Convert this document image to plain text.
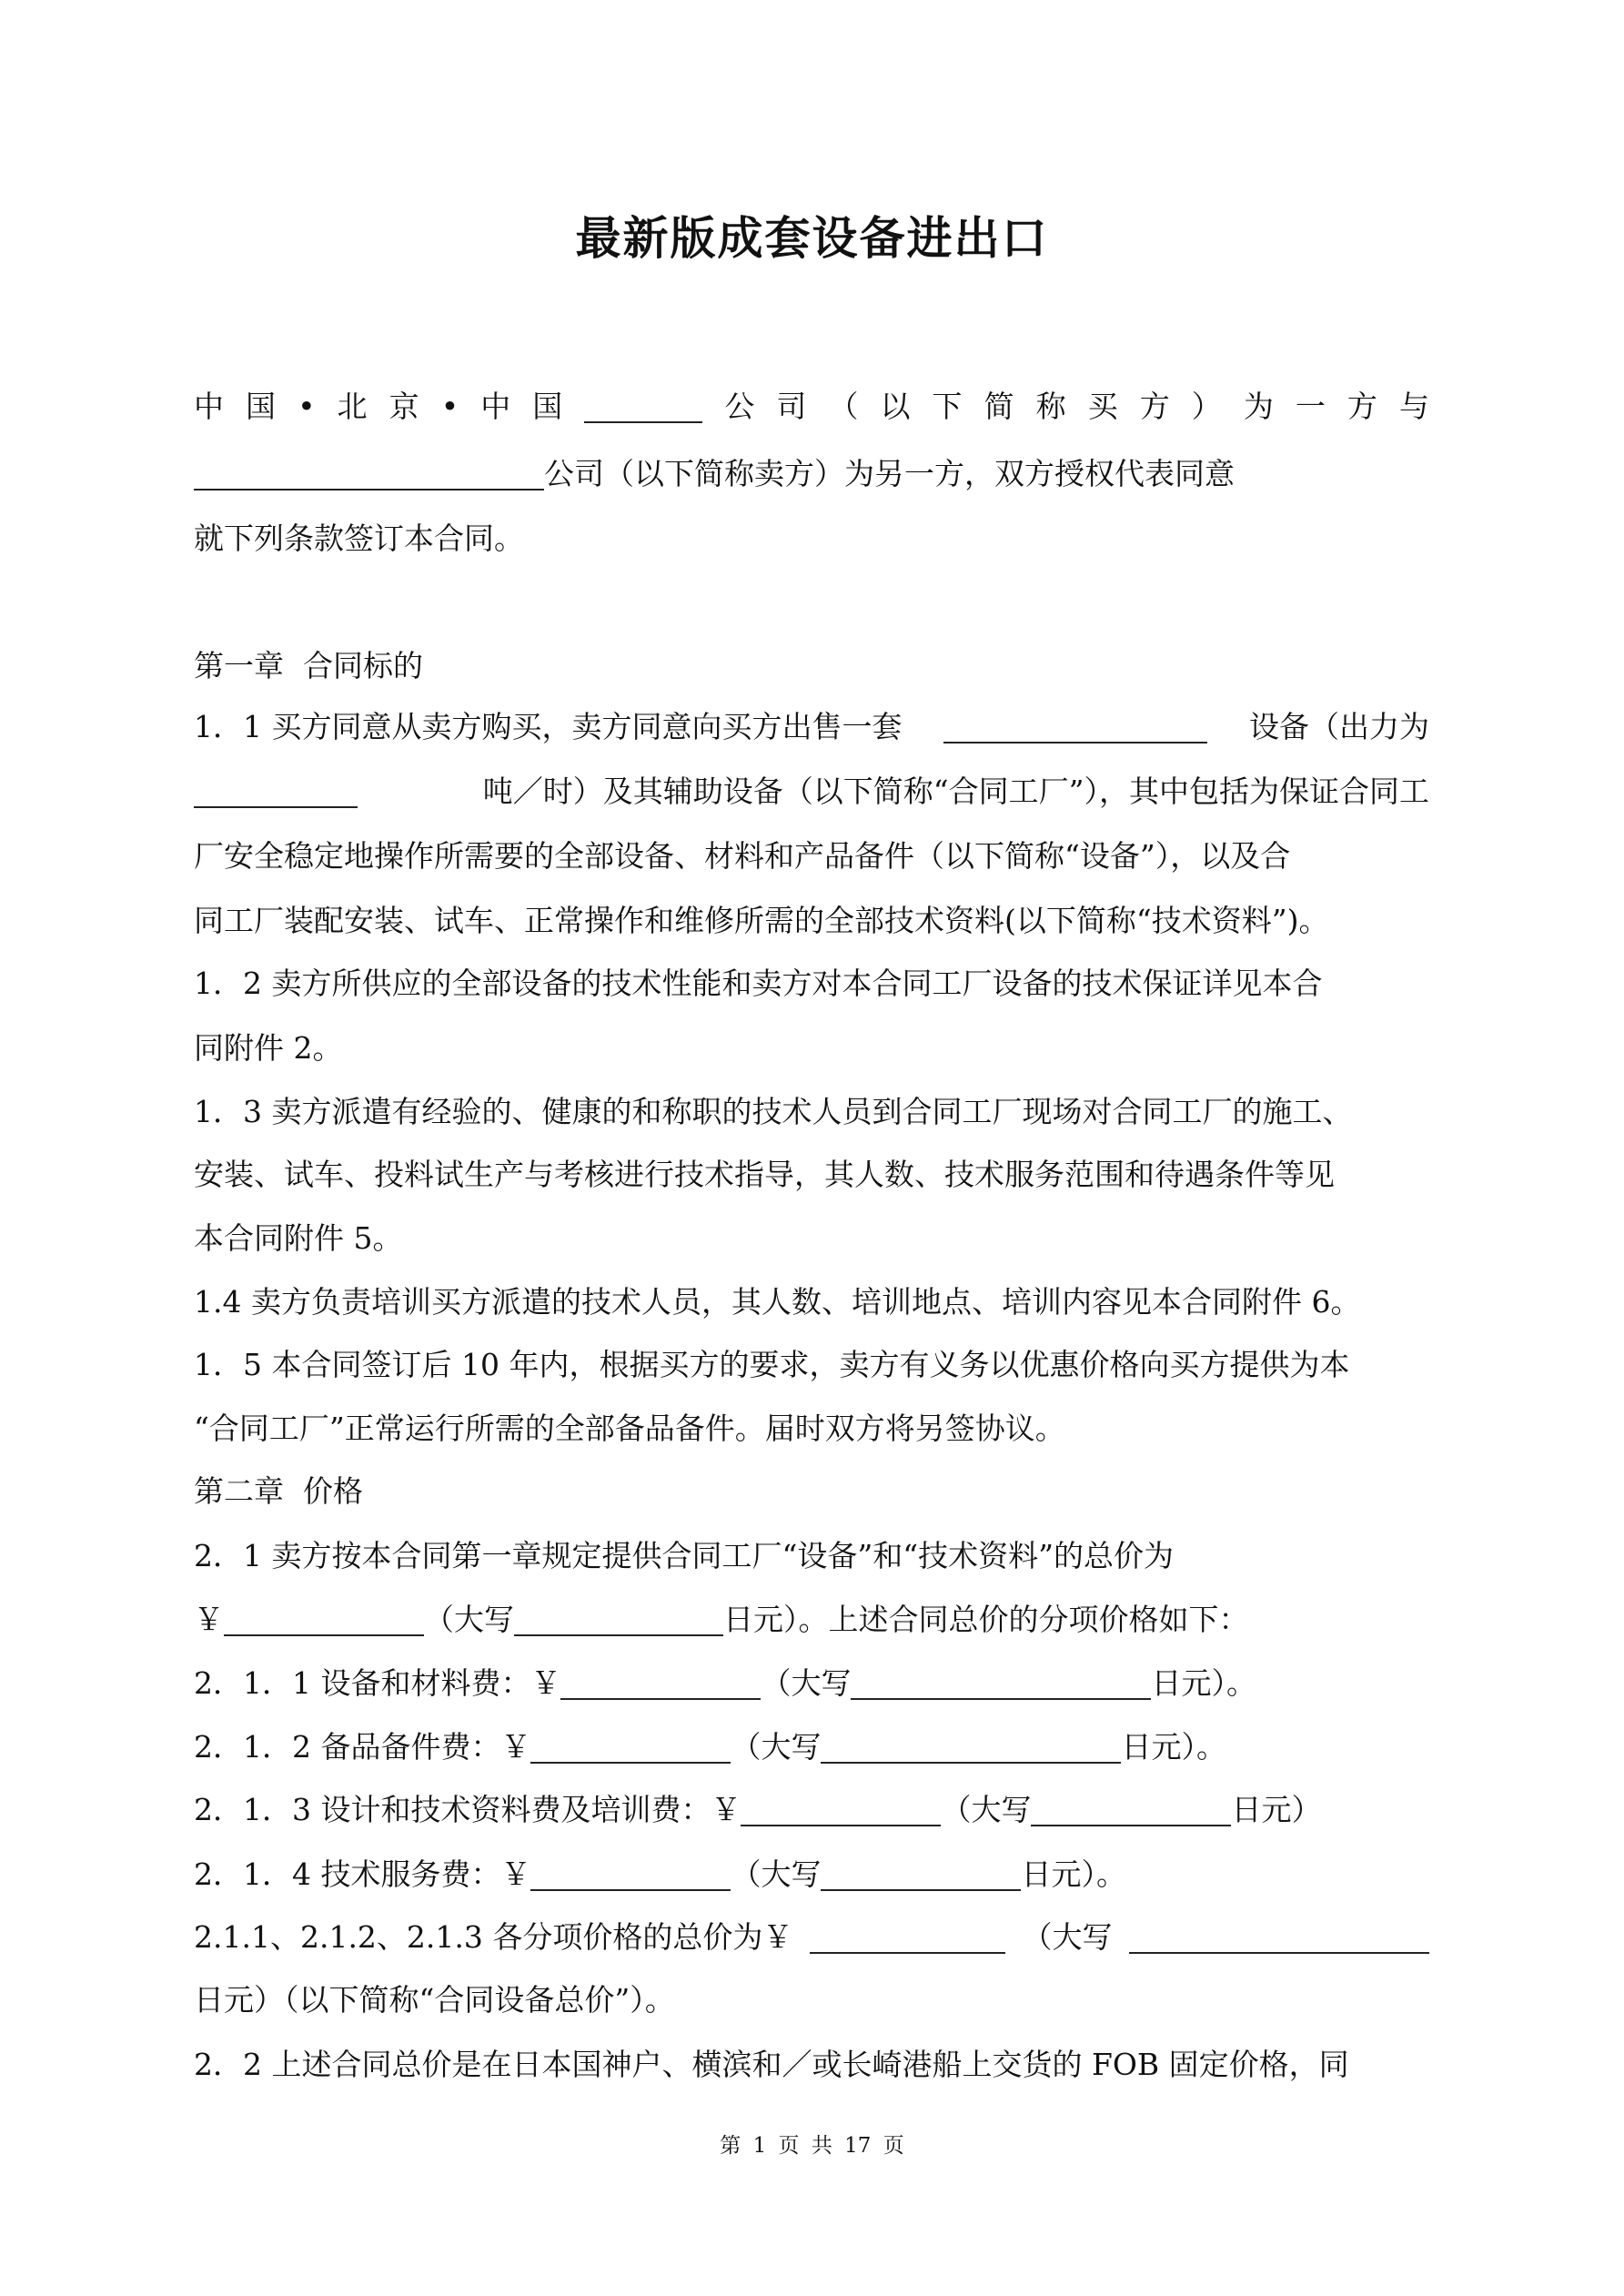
最新版成套设备进出口
中 国 • 北 京 • 中 国	公 司 （ 以 下 简 称 买 方 ） 为 一 方 与
公司（以下简称卖方）为另一方，双方授权代表同意
就下列条款签订本合同。
第一章  合同标的
1．1 买方同意从卖方购买，卖方同意向买方出售一套	设备（出力为
吨／时）及其辅助设备（以下简称“合同工厂”），其中包括为保证合同工
厂安全稳定地操作所需要的全部设备、材料和产品备件（以下简称“设备”），以及合
同工厂装配安装、试车、正常操作和维修所需的全部技术资料(以下简称“技术资料”)。
1．2 卖方所供应的全部设备的技术性能和卖方对本合同工厂设备的技术保证详见本合
同附件 2。
1．3 卖方派遣有经验的、健康的和称职的技术人员到合同工厂现场对合同工厂的施工、
安装、试车、投料试生产与考核进行技术指导，其人数、技术服务范围和待遇条件等见
本合同附件 5。
1.4 卖方负责培训买方派遣的技术人员，其人数、培训地点、培训内容见本合同附件 6。
1．5 本合同签订后 10 年内，根据买方的要求，卖方有义务以优惠价格向买方提供为本
“合同工厂”正常运行所需的全部备品备件。届时双方将另签协议。
第二章  价格
2．1 卖方按本合同第一章规定提供合同工厂“设备”和“技术资料”的总价为
￥	（大写	日元）。上述合同总价的分项价格如下：
2．1．1 设备和材料费：￥	（大写	日元）。
2．1．2 备品备件费：￥	（大写	日元）。
2．1．3 设计和技术资料费及培训费：￥	（大写	日元）
2．1．4 技术服务费：￥	（大写	日元）。
2.1.1、2.1.2、2.1.3 各分项价格的总价为￥	（大写
日元）（以下简称“合同设备总价”）。
2．2 上述合同总价是在日本国神户、横滨和／或长崎港船上交货的 FOB 固定价格，同
第 1 页 共 17 页
